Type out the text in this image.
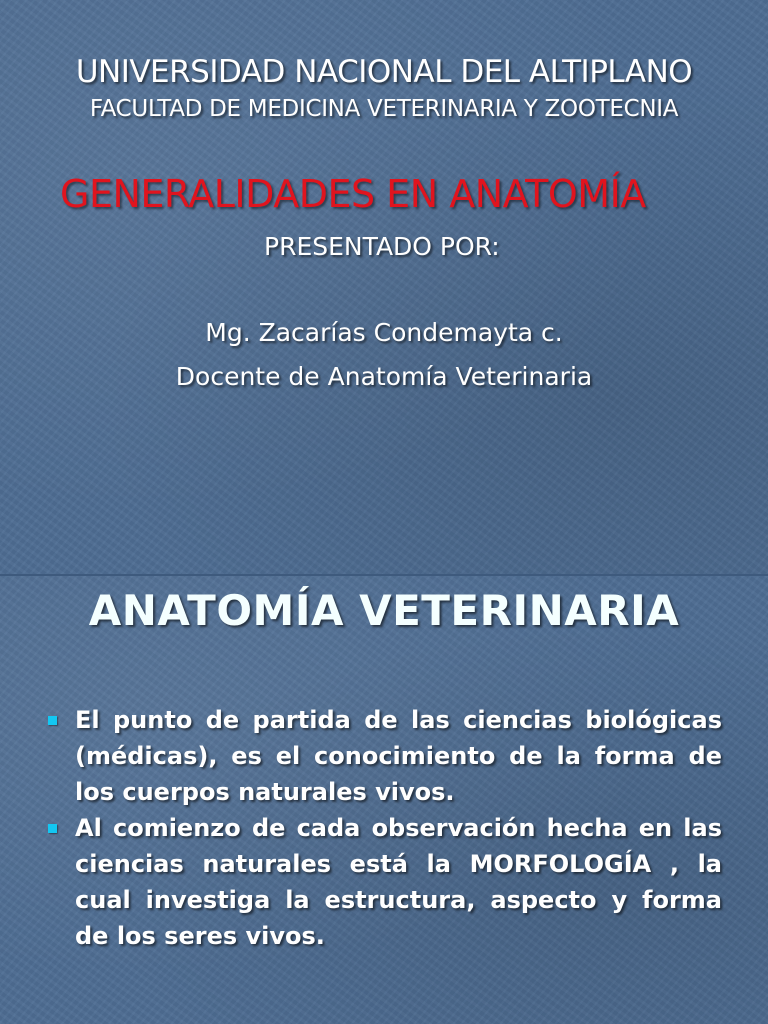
UNIVERSIDAD NACIONAL DEL ALTIPLANO
FACULTAD DE MEDICINA VETERINARIA Y ZOOTECNIA
GENERALIDADES EN ANATOMÍA
PRESENTADO POR:
Mg. Zacarías Condemayta c.
Docente de Anatomía Veterinaria
ANATOMÍA VETERINARIA
El punto de partida de las ciencias biológicas (médicas), es el conocimiento de la forma de los cuerpos naturales vivos.
Al comienzo de cada observación hecha en las ciencias naturales está la MORFOLOGÍA , la cual investiga la estructura, aspecto y forma de los seres vivos.
